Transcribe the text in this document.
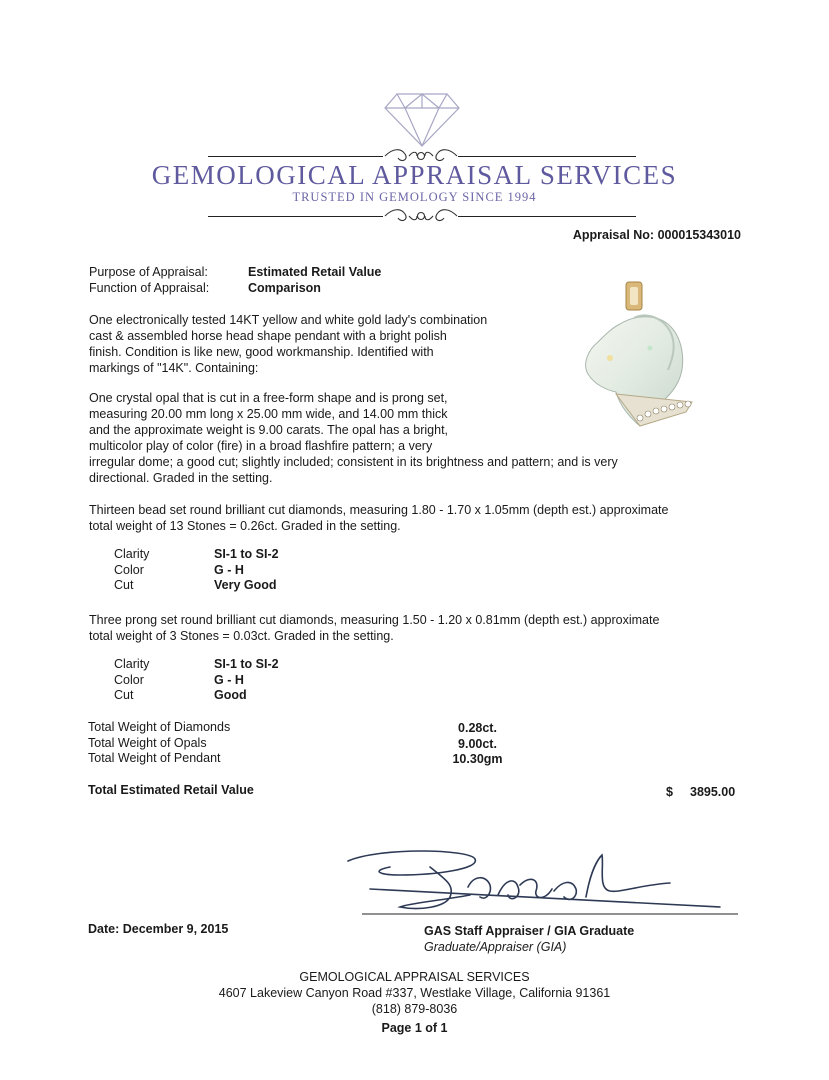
GEMOLOGICAL APPRAISAL SERVICES
TRUSTED IN GEMOLOGY SINCE 1994
Appraisal No: 000015343010
Purpose of Appraisal:	Estimated Retail Value
Function of Appraisal:	Comparison
One electronically tested 14KT yellow and white gold lady's combination
cast & assembled horse head shape pendant with a bright polish
finish. Condition is like new, good workmanship. Identified with
markings of "14K". Containing:
One crystal opal that is cut in a free-form shape and is prong set,
measuring 20.00 mm long x 25.00 mm wide, and 14.00 mm thick
and the approximate weight is 9.00 carats. The opal has a bright,
multicolor play of color (fire) in a broad flashfire pattern; a very
irregular dome; a good cut; slightly included; consistent in its brightness and pattern; and is very
directional. Graded in the setting.
Thirteen bead set round brilliant cut diamonds, measuring 1.80 - 1.70 x 1.05mm (depth est.) approximate
total weight of 13 Stones = 0.26ct. Graded in the setting.
Clarity	SI-1 to SI-2
Color	G - H
Cut	Very Good
Three prong set round brilliant cut diamonds, measuring 1.50 - 1.20 x 0.81mm (depth est.) approximate
total weight of 3 Stones = 0.03ct. Graded in the setting.
Clarity	SI-1 to SI-2
Color	G - H
Cut	Good
Total Weight of Diamonds	0.28ct.
Total Weight of Opals	9.00ct.
Total Weight of Pendant	10.30gm
Total Estimated Retail Value	$ 3895.00
Date: December 9, 2015	GAS Staff Appraiser / GIA Graduate
Graduate/Appraiser (GIA)
GEMOLOGICAL APPRAISAL SERVICES
4607 Lakeview Canyon Road #337, Westlake Village, California 91361
(818) 879-8036
Page 1 of 1
